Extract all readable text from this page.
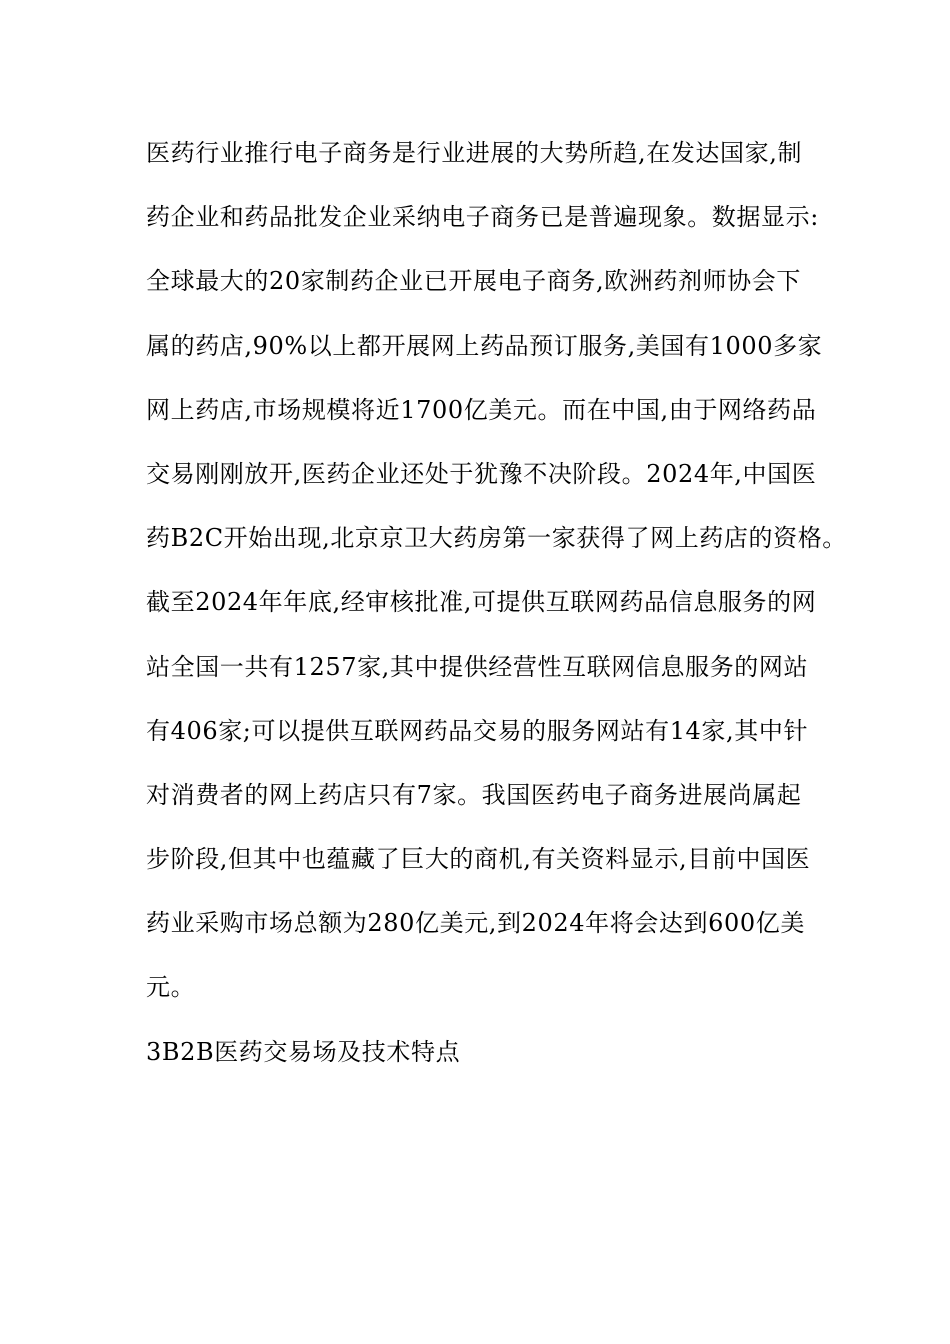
医药行业推行电子商务是行业进展的大势所趋,在发达国家,制
药企业和药品批发企业采纳电子商务已是普遍现象。数据显示:
全球最大的20家制药企业已开展电子商务,欧洲药剂师协会下
属的药店,90%以上都开展网上药品预订服务,美国有1000多家
网上药店,市场规模将近1700亿美元。而在中国,由于网络药品
交易刚刚放开,医药企业还处于犹豫不决阶段。2024年,中国医
药B2C开始出现,北京京卫大药房第一家获得了网上药店的资格。
截至2024年年底,经审核批准,可提供互联网药品信息服务的网
站全国一共有1257家,其中提供经营性互联网信息服务的网站
有406家;可以提供互联网药品交易的服务网站有14家,其中针
对消费者的网上药店只有7家。我国医药电子商务进展尚属起
步阶段,但其中也蕴藏了巨大的商机,有关资料显示,目前中国医
药业采购市场总额为280亿美元,到2024年将会达到600亿美
元。
3B2B医药交易场及技术特点
